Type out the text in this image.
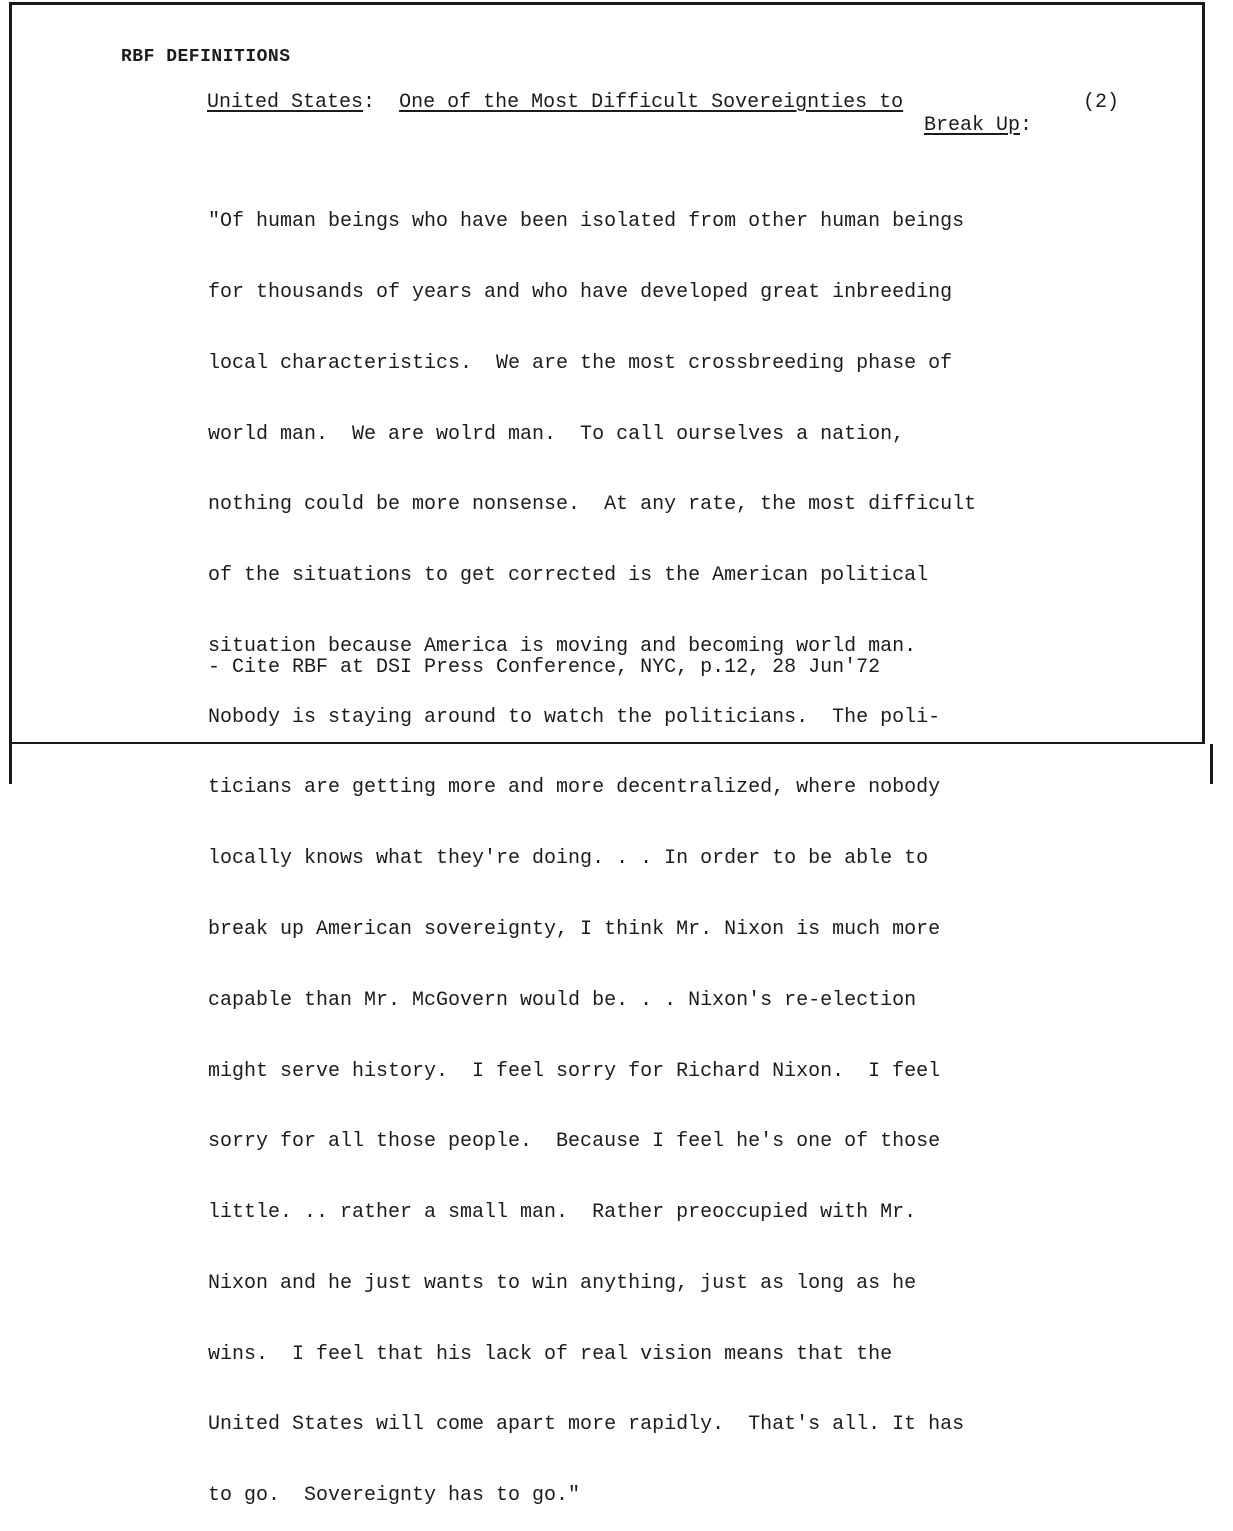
RBF DEFINITIONS
United States: One of the Most Difficult Sovereignties to
Break Up:
(2)

"Of human beings who have been isolated from other human beings

for thousands of years and who have developed great inbreeding

local characteristics.  We are the most crossbreeding phase of

world man.  We are wolrd man.  To call ourselves a nation,

nothing could be more nonsense.  At any rate, the most difficult

of the situations to get corrected is the American political

situation because America is moving and becoming world man.

Nobody is staying around to watch the politicians.  The poli-

ticians are getting more and more decentralized, where nobody

locally knows what they're doing. . . In order to be able to

break up American sovereignty, I think Mr. Nixon is much more

capable than Mr. McGovern would be. . . Nixon's re-election

might serve history.  I feel sorry for Richard Nixon.  I feel

sorry for all those people.  Because I feel he's one of those

little. .. rather a small man.  Rather preoccupied with Mr.

Nixon and he just wants to win anything, just as long as he

wins.  I feel that his lack of real vision means that the

United States will come apart more rapidly.  That's all. It has

to go.  Sovereignty has to go."

- Cite RBF at DSI Press Conference, NYC, p.12, 28 Jun'72
